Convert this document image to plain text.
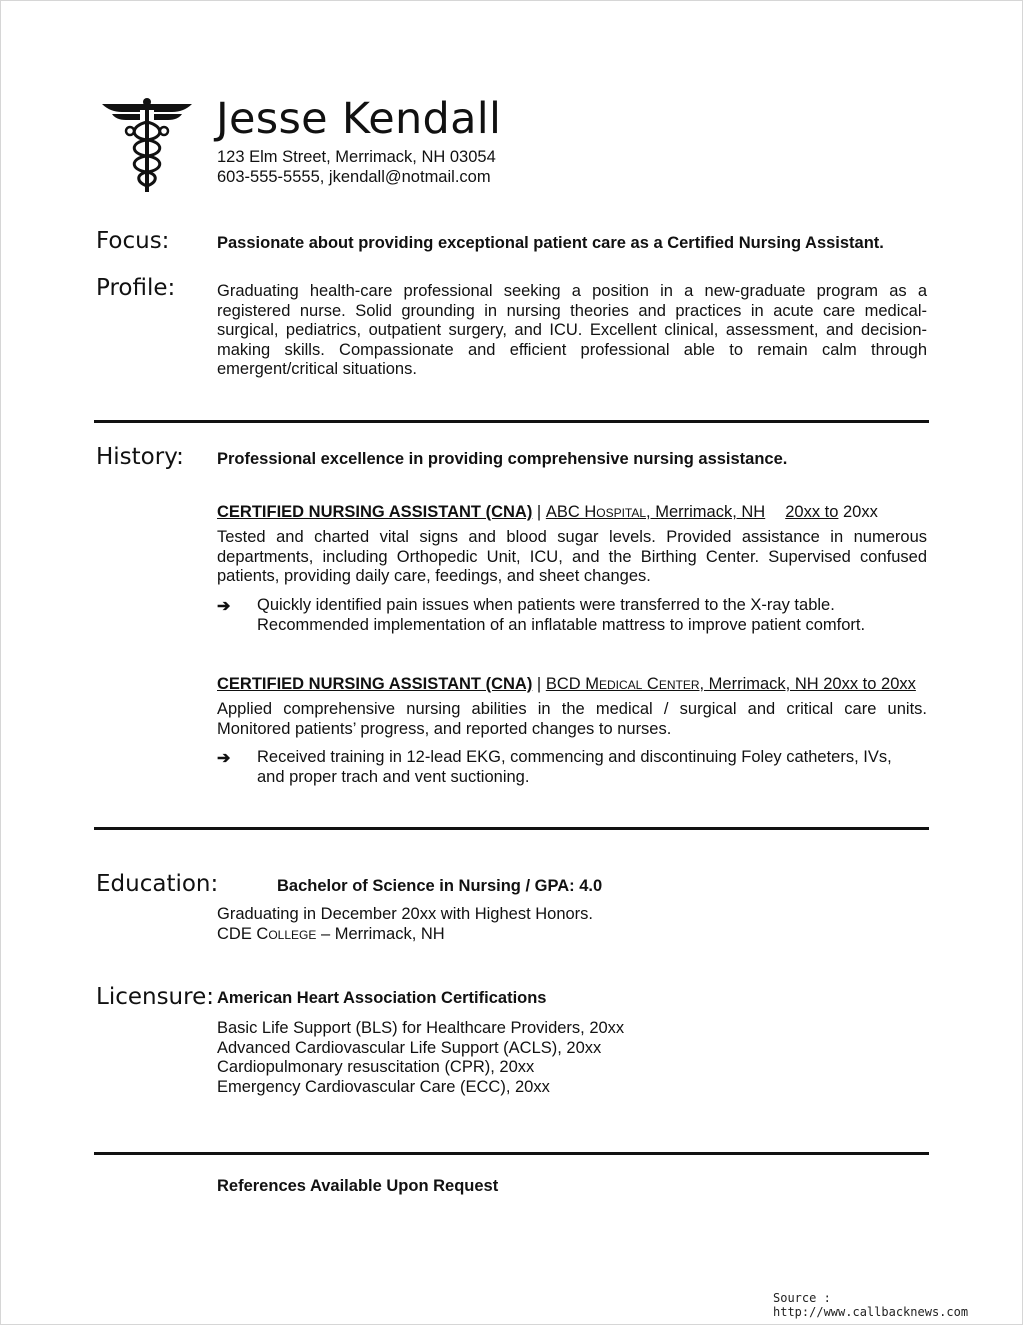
Jesse Kendall
123 Elm Street, Merrimack, NH 03054
603-555-5555, jkendall@notmail.com
Focus:	Passionate about providing exceptional patient care as a Certified Nursing Assistant.
Profile:	Graduating health-care professional seeking a position in a new-graduate program as a
registered nurse. Solid grounding in nursing theories and practices in acute care medical-
surgical, pediatrics, outpatient surgery, and ICU. Excellent clinical, assessment, and decision-
making skills. Compassionate and efficient professional able to remain calm through
emergent/critical situations.
History: Professional excellence in providing comprehensive nursing assistance.
CERTIFIED NURSING ASSISTANT (CNA) | ABC Hospital, Merrimack, NH 20xx to 20xx
Tested and charted vital signs and blood sugar levels. Provided assistance in numerous
departments, including Orthopedic Unit, ICU, and the Birthing Center. Supervised confused
patients, providing daily care, feedings, and sheet changes.
➔ Quickly identified pain issues when patients were transferred to the X-ray table.
Recommended implementation of an inflatable mattress to improve patient comfort.
CERTIFIED NURSING ASSISTANT (CNA) | BCD Medical Center, Merrimack, NH 20xx to 20xx
Applied comprehensive nursing abilities in the medical / surgical and critical care units.
Monitored patients’ progress, and reported changes to nurses.
➔ Received training in 12-lead EKG, commencing and discontinuing Foley catheters, IVs,
and proper trach and vent suctioning.
Education:	Bachelor of Science in Nursing / GPA: 4.0
Graduating in December 20xx with Highest Honors.
CDE College – Merrimack, NH
Licensure: American Heart Association Certifications
Basic Life Support (BLS) for Healthcare Providers, 20xx
Advanced Cardiovascular Life Support (ACLS), 20xx
Cardiopulmonary resuscitation (CPR), 20xx
Emergency Cardiovascular Care (ECC), 20xx
References Available Upon Request
Source : http://www.callbacknews.com
